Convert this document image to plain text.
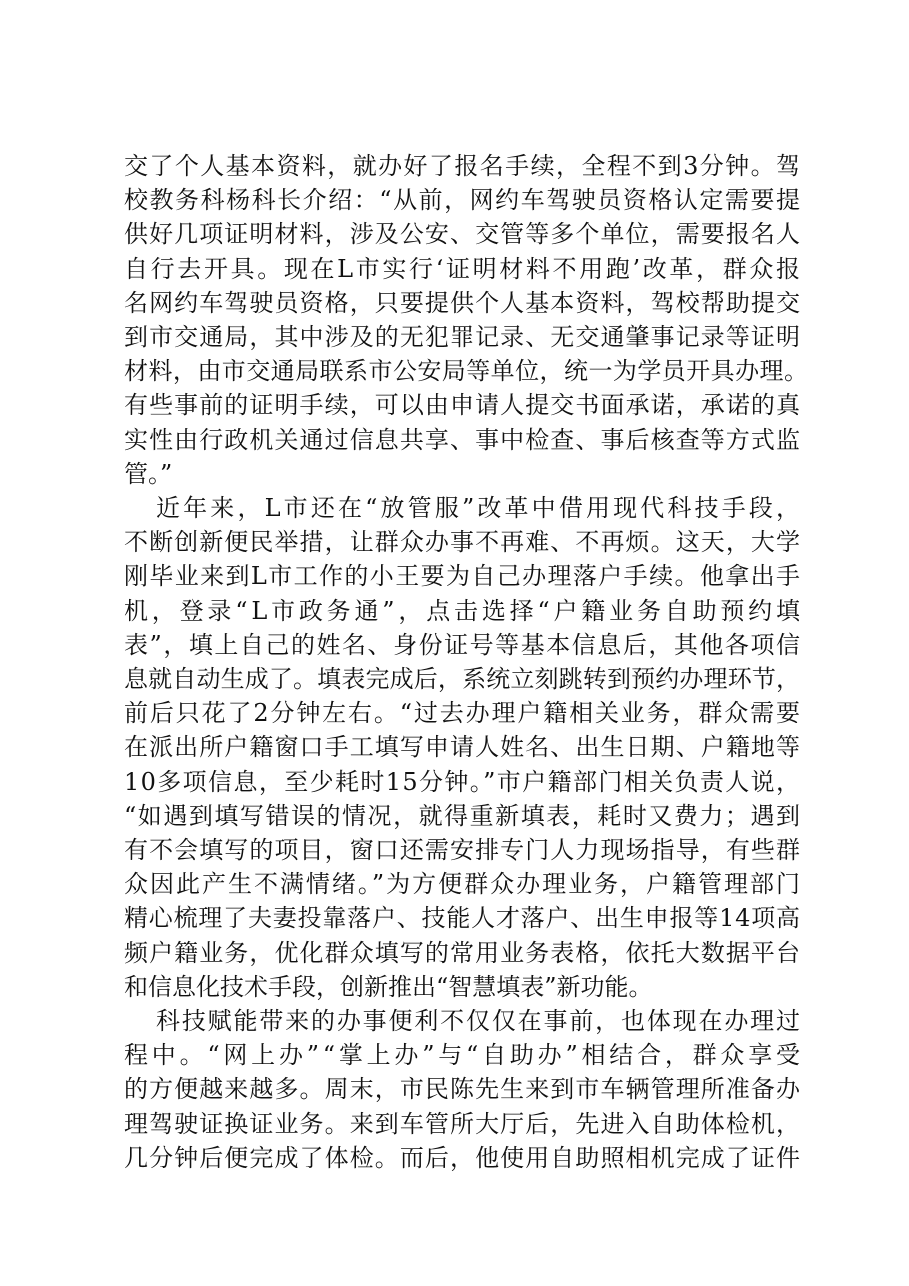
交了个人基本资料，就办好了报名手续，全程不到3分钟。驾
校教务科杨科长介绍：“从前，网约车驾驶员资格认定需要提
供好几项证明材料，涉及公安、交管等多个单位，需要报名人
自行去开具。现在L市实行‘证明材料不用跑’改革，群众报
名网约车驾驶员资格，只要提供个人基本资料，驾校帮助提交
到市交通局，其中涉及的无犯罪记录、无交通肇事记录等证明
材料，由市交通局联系市公安局等单位，统一为学员开具办理。
有些事前的证明手续，可以由申请人提交书面承诺，承诺的真
实性由行政机关通过信息共享、事中检查、事后核查等方式监
管。”
近年来，L市还在“放管服”改革中借用现代科技手段，
不断创新便民举措，让群众办事不再难、不再烦。这天，大学
刚毕业来到L市工作的小王要为自己办理落户手续。他拿出手
机，登录“L市政务通”，点击选择“户籍业务自助预约填
表”，填上自己的姓名、身份证号等基本信息后，其他各项信
息就自动生成了。填表完成后，系统立刻跳转到预约办理环节，
前后只花了2分钟左右。“过去办理户籍相关业务，群众需要
在派出所户籍窗口手工填写申请人姓名、出生日期、户籍地等
10多项信息，至少耗时15分钟。”市户籍部门相关负责人说，
“如遇到填写错误的情况，就得重新填表，耗时又费力；遇到
有不会填写的项目，窗口还需安排专门人力现场指导，有些群
众因此产生不满情绪。”为方便群众办理业务，户籍管理部门
精心梳理了夫妻投靠落户、技能人才落户、出生申报等14项高
频户籍业务，优化群众填写的常用业务表格，依托大数据平台
和信息化技术手段，创新推出“智慧填表”新功能。
科技赋能带来的办事便利不仅仅在事前，也体现在办理过
程中。“网上办”“掌上办”与“自助办”相结合，群众享受
的方便越来越多。周末，市民陈先生来到市车辆管理所准备办
理驾驶证换证业务。来到车管所大厅后，先进入自助体检机，
几分钟后便完成了体检。而后，他使用自助照相机完成了证件
